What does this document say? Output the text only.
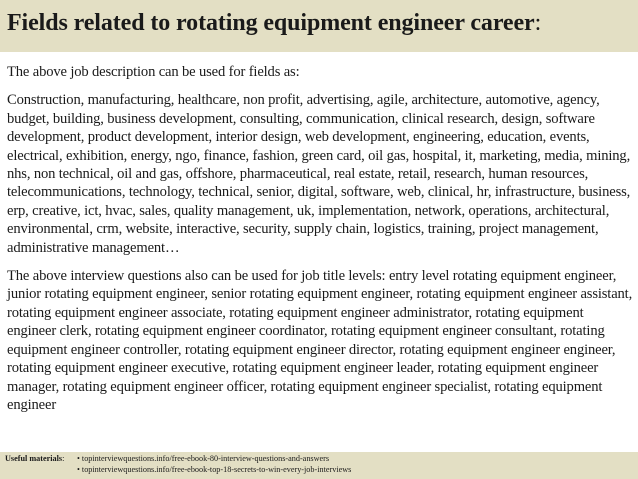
Fields related to rotating equipment engineer career:

The above job description can be used for fields as:

Construction, manufacturing, healthcare, non profit, advertising, agile, architecture, automotive, agency, budget, building, business development, consulting, communication, clinical research, design, software development, product development, interior design, web development, engineering, education, events, electrical, exhibition, energy, ngo, finance, fashion, green card, oil gas, hospital, it, marketing, media, mining, nhs, non technical, oil and gas, offshore, pharmaceutical, real estate, retail, research, human resources, telecommunications, technology, technical, senior, digital, software, web, clinical, hr, infrastructure, business, erp, creative, ict, hvac, sales, quality management, uk, implementation, network, operations, architectural, environmental, crm, website, interactive, security, supply chain, logistics, training, project management, administrative management…

The above interview questions also can be used for job title levels: entry level rotating equipment engineer, junior rotating equipment engineer, senior rotating equipment engineer, rotating equipment engineer assistant, rotating equipment engineer associate, rotating equipment engineer administrator, rotating equipment engineer clerk, rotating equipment engineer coordinator, rotating equipment engineer consultant, rotating equipment engineer controller, rotating equipment engineer director, rotating equipment engineer engineer, rotating equipment engineer executive, rotating equipment engineer leader, rotating equipment engineer manager, rotating equipment engineer officer, rotating equipment engineer specialist, rotating equipment engineer

Useful materials:	• topinterviewquestions.info/free-ebook-80-interview-questions-and-answers
• topinterviewquestions.info/free-ebook-top-18-secrets-to-win-every-job-interviews
